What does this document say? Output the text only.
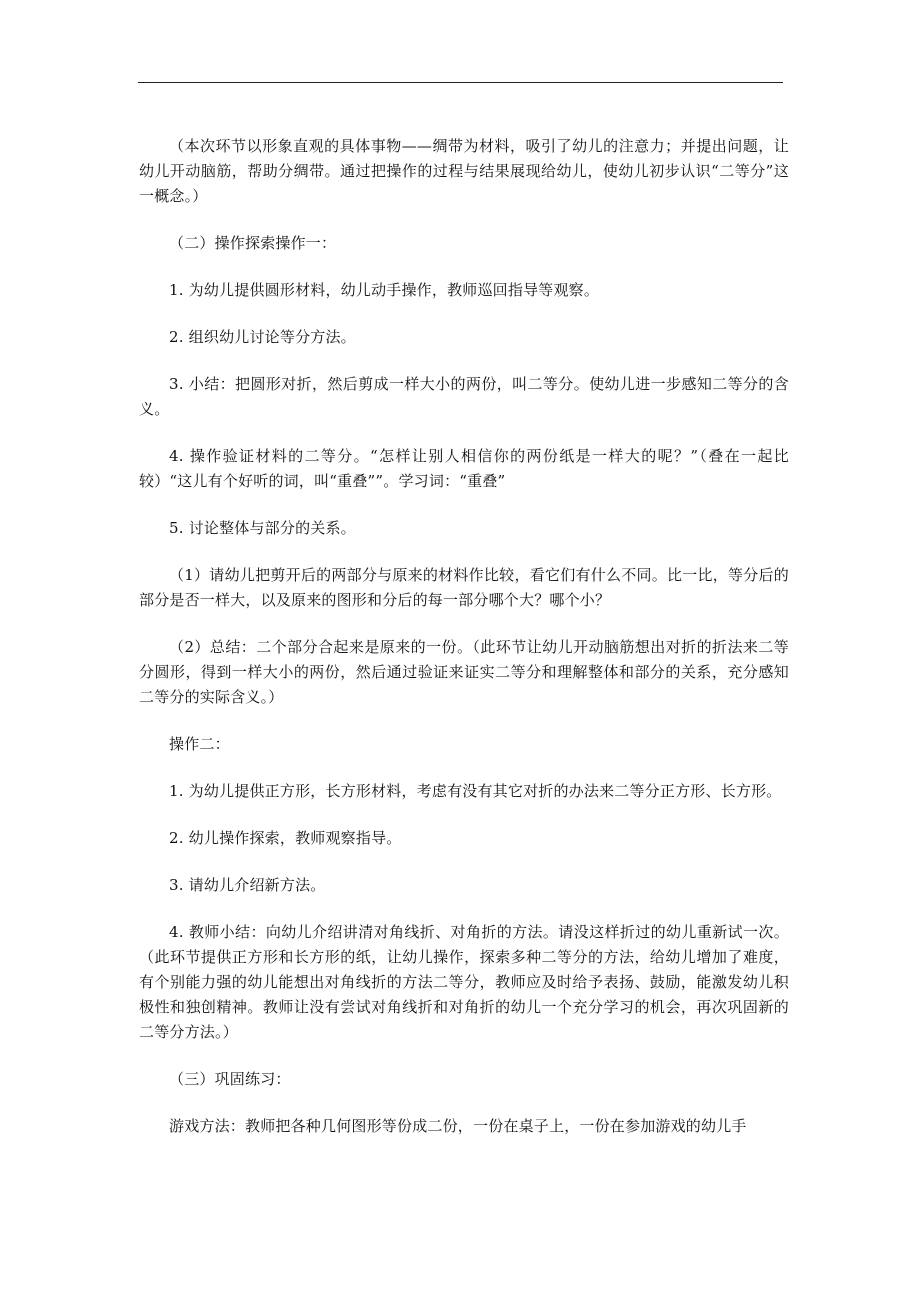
（本次环节以形象直观的具体事物——绸带为材料，吸引了幼儿的注意力；并提出问题，让幼儿开动脑筋，帮助分绸带。通过把操作的过程与结果展现给幼儿，使幼儿初步认识“二等分”这一概念。）

（二）操作探索操作一：

1. 为幼儿提供圆形材料，幼儿动手操作，教师巡回指导等观察。

2. 组织幼儿讨论等分方法。

3. 小结：把圆形对折，然后剪成一样大小的两份，叫二等分。使幼儿进一步感知二等分的含义。

4. 操作验证材料的二等分。“怎样让别人相信你的两份纸是一样大的呢？”（叠在一起比较）“这儿有个好听的词，叫“重叠””。学习词：“重叠”

5. 讨论整体与部分的关系。

（1）请幼儿把剪开后的两部分与原来的材料作比较，看它们有什么不同。比一比，等分后的部分是否一样大，以及原来的图形和分后的每一部分哪个大？哪个小？

（2）总结：二个部分合起来是原来的一份。（此环节让幼儿开动脑筋想出对折的折法来二等分圆形，得到一样大小的两份，然后通过验证来证实二等分和理解整体和部分的关系，充分感知二等分的实际含义。）

操作二：

1. 为幼儿提供正方形，长方形材料，考虑有没有其它对折的办法来二等分正方形、长方形。

2. 幼儿操作探索，教师观察指导。

3. 请幼儿介绍新方法。

4. 教师小结：向幼儿介绍讲清对角线折、对角折的方法。请没这样折过的幼儿重新试一次。（此环节提供正方形和长方形的纸，让幼儿操作，探索多种二等分的方法，给幼儿增加了难度，有个别能力强的幼儿能想出对角线折的方法二等分，教师应及时给予表扬、鼓励，能激发幼儿积极性和独创精神。教师让没有尝试对角线折和对角折的幼儿一个充分学习的机会，再次巩固新的二等分方法。）

（三）巩固练习：

游戏方法：教师把各种几何图形等份成二份，一份在桌子上，一份在参加游戏的幼儿手
